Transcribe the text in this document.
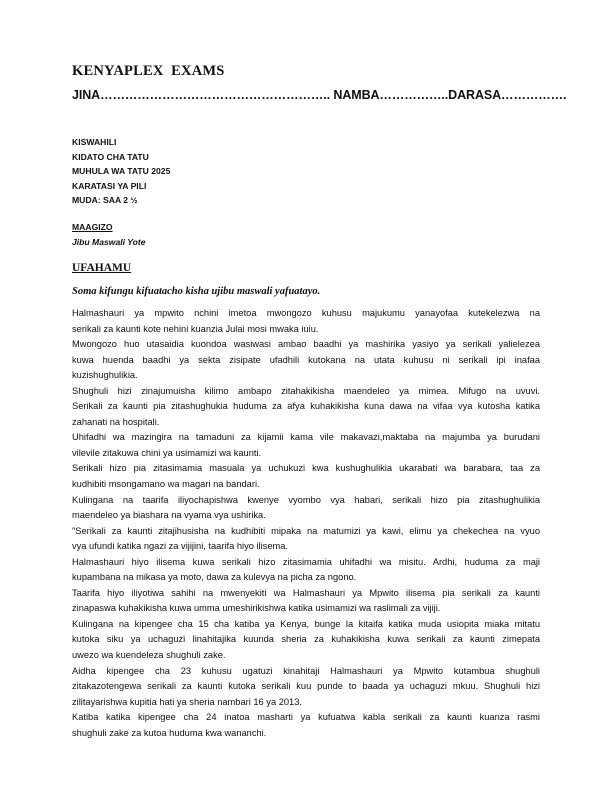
KENYAPLEX  EXAMS
JINA……………………………………………….. NAMBA……………..DARASA…………….
KISWAHILI
KIDATO CHA TATU
MUHULA WA TATU 2025
KARATASI YA PILI
MUDA: SAA 2 ½
MAAGIZO
Jibu Maswali Yote
UFAHAMU
Soma kifungu kifuatacho kisha ujibu maswali yafuatayo.
Halmashauri ya mpwito nchini imetoa mwongozo kuhusu majukumu yanayofaa kutekelezwa na
serikali za kaunti kote nehini kuanzia Julai mosi mwaka iuiu.
Mwongozo huo utasaidia kuondoa wasiwasi ambao baadhi ya mashirika yasiyo ya serikali yalielezea
kuwa huenda baadhi ya sekta zisipate ufadhili kutokana na utata kuhusu ni serikali ipi inafaa
kuzishughulikia.
Shughuli hizi zinajumuisha kilimo ambapo zitahakikisha maendeleo ya mimea. Mifugo na uvuvi.
Serikali za kaunti pia zitashughukia huduma za afya kuhakikisha kuna dawa na vifaa vya kutosha katika
zahanati na hospitali.
Uhifadhi wa mazingira na tamaduni za kijamii kama vile makavazi,maktaba na majumba ya burudani
vilevile zitakuwa chini ya usimamizi wa kaunti.
Serikali hizo pia zitasimamia masuala ya uchukuzi kwa kushughulikia ukarabati wa barabara, taa za
kudhibiti msongamano wa magari na bandari.
Kulingana na taarifa iliyochapishwa kwenye vyombo vya habari, serikali hizo pia zitashughulikia
maendeleo ya biashara na vyama vya ushirika.
"Serikali za kaunti zitajihusisha na kudhibiti mipaka na matumizi ya kawi, elimu ya chekechea na vyuo
vya ufundi katika ngazi za vijijini, taarifa hiyo ilisema.
Halmashauri hiyo ilisema kuwa serikali hizo zitasimamia uhifadhi wa misitu. Ardhi, huduma za maji
kupambana na mikasa ya moto, dawa za kulevya na picha za ngono.
Taarifa hiyo iliyotiwa sahihi na mwenyekiti wa Halmashauri ya Mpwito ilisema pia serikali za kaunti
zinapaswa kuhakikisha kuwa umma umeshirikishwa katika usimamizi wa raslimali za vijiji.
Kulingana na kipengee cha 15 cha katiba ya Kenya, bunge la kitaifa katika muda usiopita miaka mitatu
kutoka siku ya uchaguzi linahitajika kuunda sheria za kuhakikisha kuwa serikali za kaunti zimepata
uwezo wa kuendeleza shughuli zake.
Aidha kipengee cha 23 kuhusu ugatuzi kinahitaji Halmashauri ya Mpwito kutambua shughuli
zitakazotengewa serikali za kaunti kutoka serikali kuu punde to baada ya uchaguzi mkuu. Shughuli hizi
zilitayarishwa kupitia hati ya sheria nambari 16 ya 2013.
Katiba katika kipengee cha 24 inatoa masharti ya kufuatwa kabla serikali za kaunti kuanza rasmi
shughuli zake za kutoa huduma kwa wananchi.
